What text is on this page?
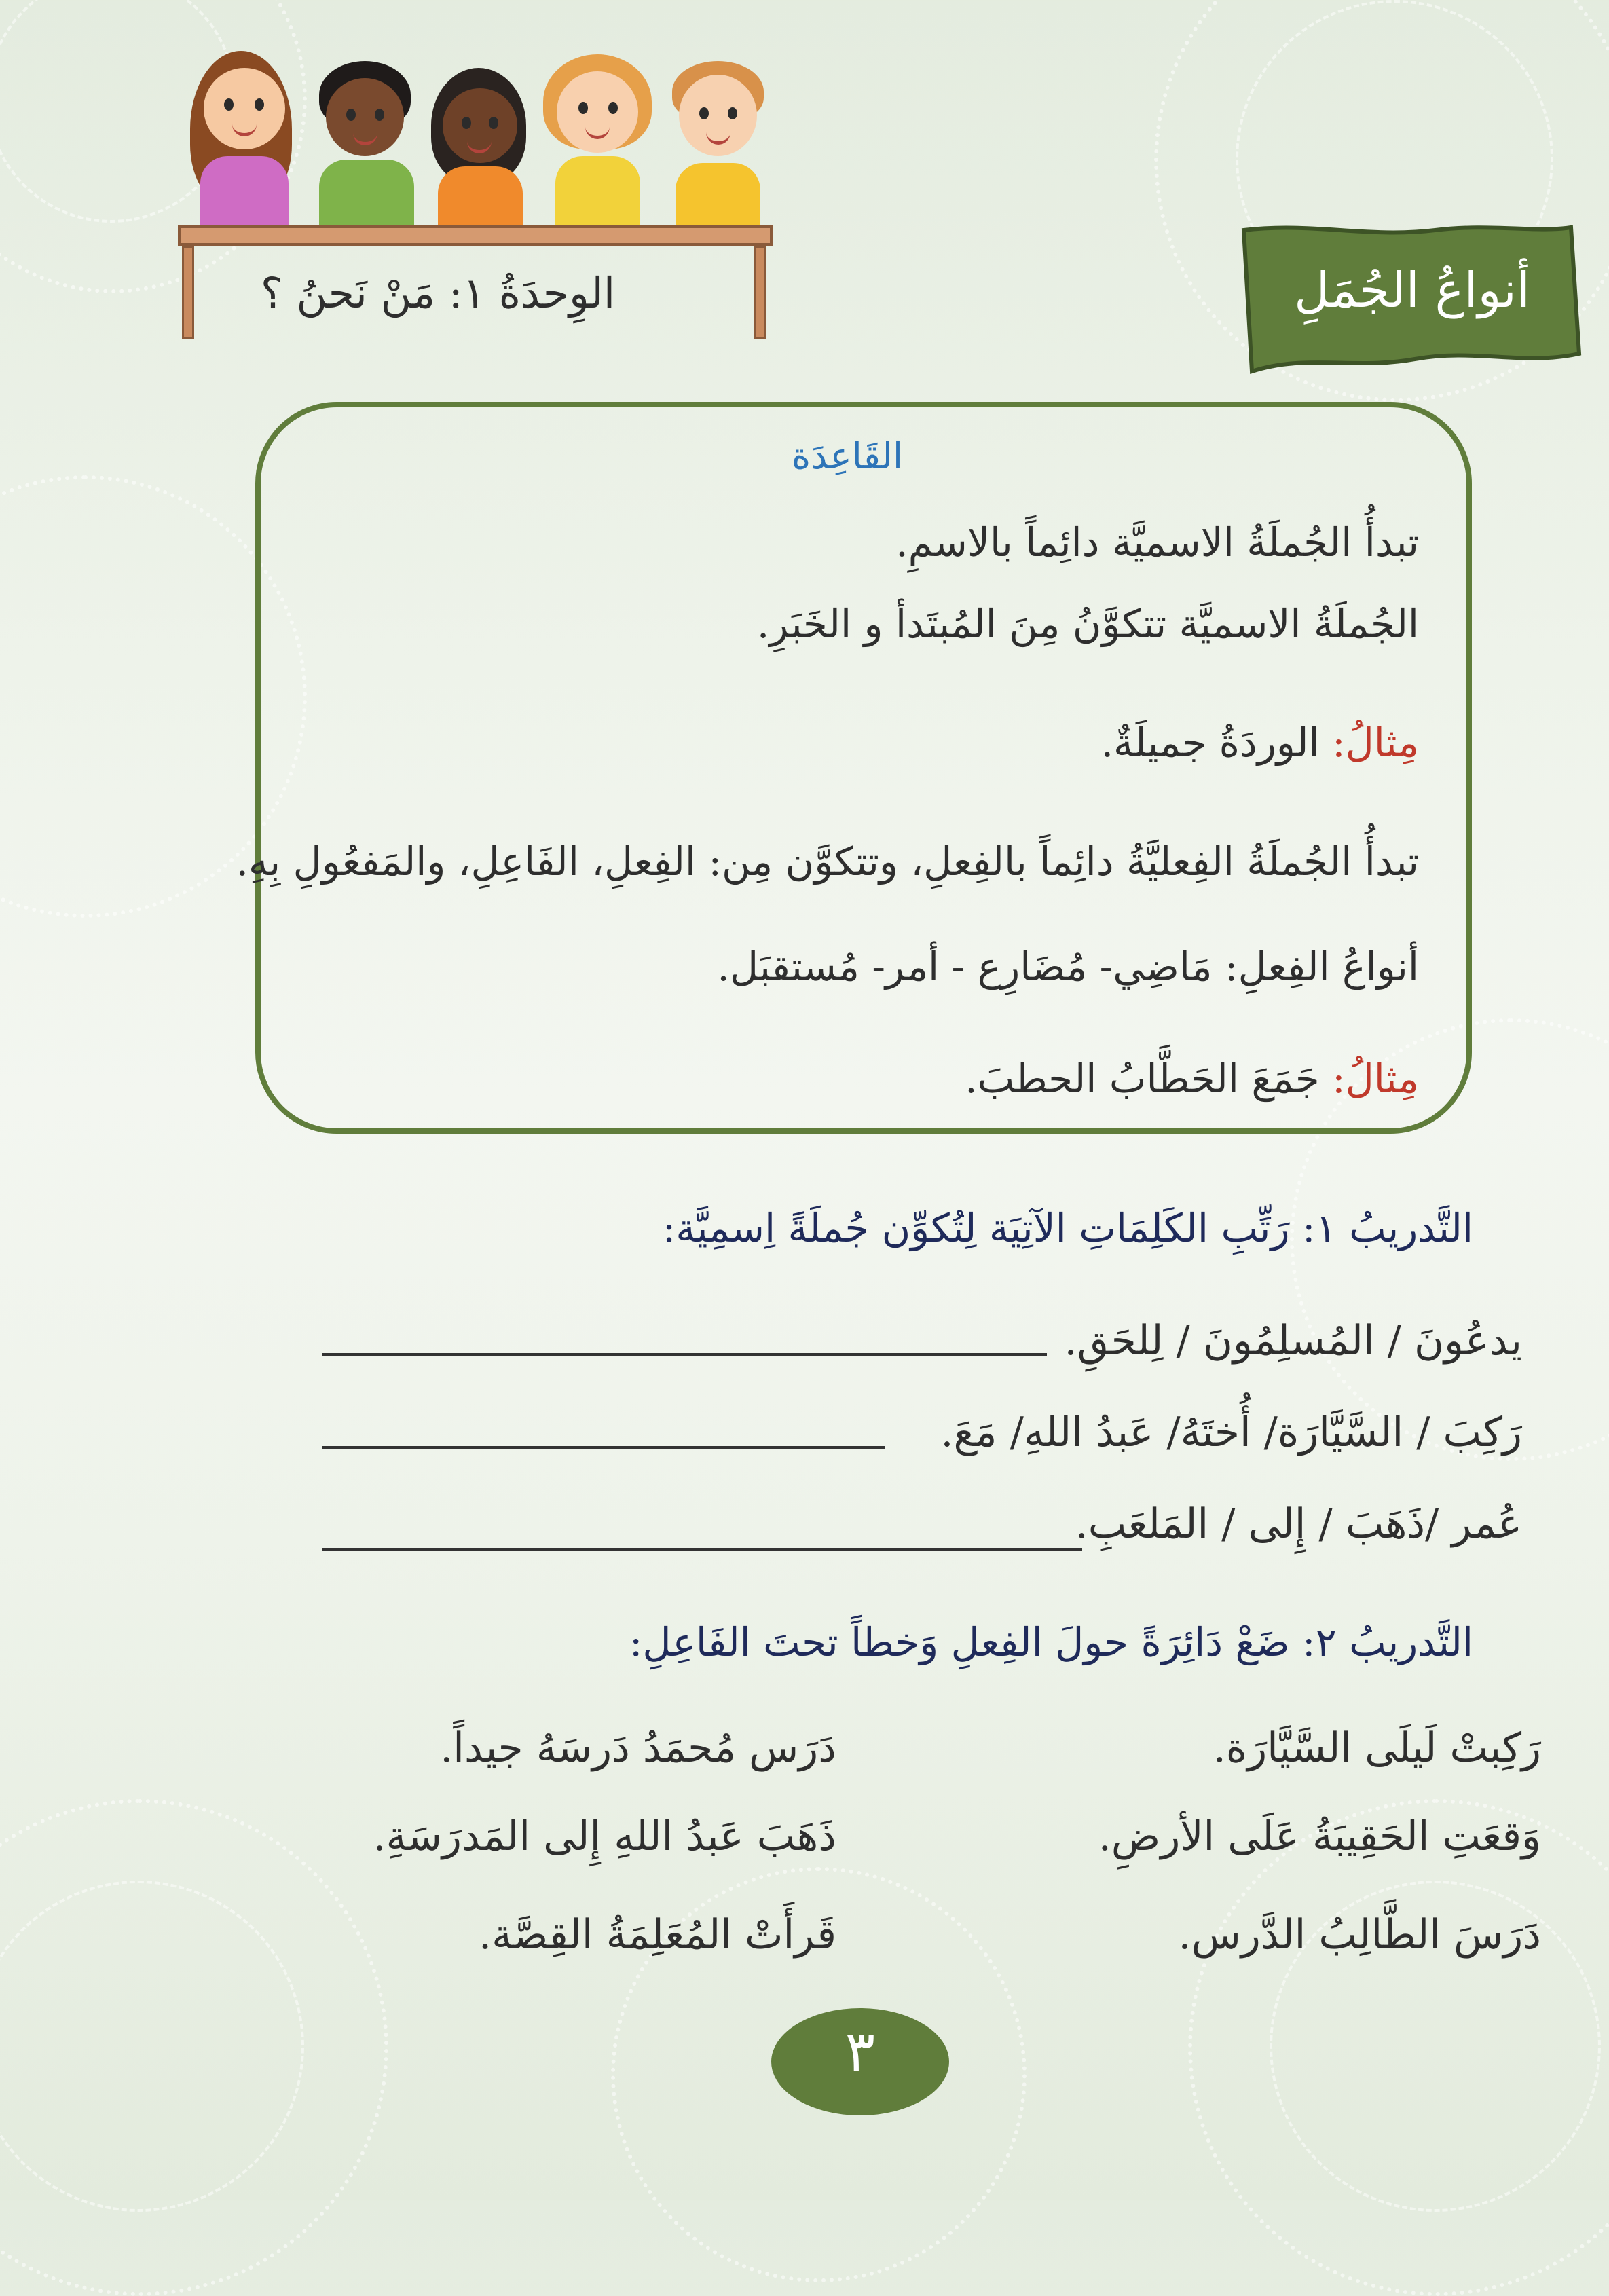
الوِحدَةُ ١: مَنْ نَحنُ ؟	أنواعُ الجُمَلِ
القَاعِدَة
تبدأُ الجُملَةُ الاسميَّة دائِماً بالاسمِ.
الجُملَةُ الاسميَّة تتكوَّنُ مِنَ المُبتَدأ و الخَبَرِ.
مِثالُ: الوردَةُ جميلَةٌ.
تبدأُ الجُملَةُ الفِعليَّةُ دائِماً بالفِعلِ، وتتكوَّن مِن: الفِعلِ، الفَاعِلِ، والمَفعُولِ بِهِ.
أنواعُ الفِعلِ: مَاضِي- مُضَارِع - أمر- مُستقبَل.
مِثالُ: جَمَعَ الحَطَّابُ الحطبَ.
التَّدريبُ ١: رَتِّبِ الكَلِمَاتِ الآتِيَة لِتُكوِّن جُملَةً اِسمِيَّة:
يدعُونَ / المُسلِمُونَ / لِلحَقِ.
رَكِبَ / السَّيَّارَة/ أُختَهُ/ عَبدُ اللهِ/ مَعَ.
عُمر /ذَهَبَ / إِلى / المَلعَبِ.
التَّدريبُ ٢: ضَعْ دَائِرَةً حولَ الفِعلِ وَخطاً تحتَ الفَاعِلِ:
رَكِبتْ لَيلَى السَّيَّارَة.
وَقعَتِ الحَقِيبَةُ عَلَى الأرضِ.
دَرَسَ الطَّالِبُ الدَّرس.
دَرَس مُحمَدُ دَرسَهُ جيداً.
ذَهَبَ عَبدُ اللهِ إِلى المَدرَسَةِ.
قَرأَتْ المُعَلِمَةُ القِصَّة.
٣
